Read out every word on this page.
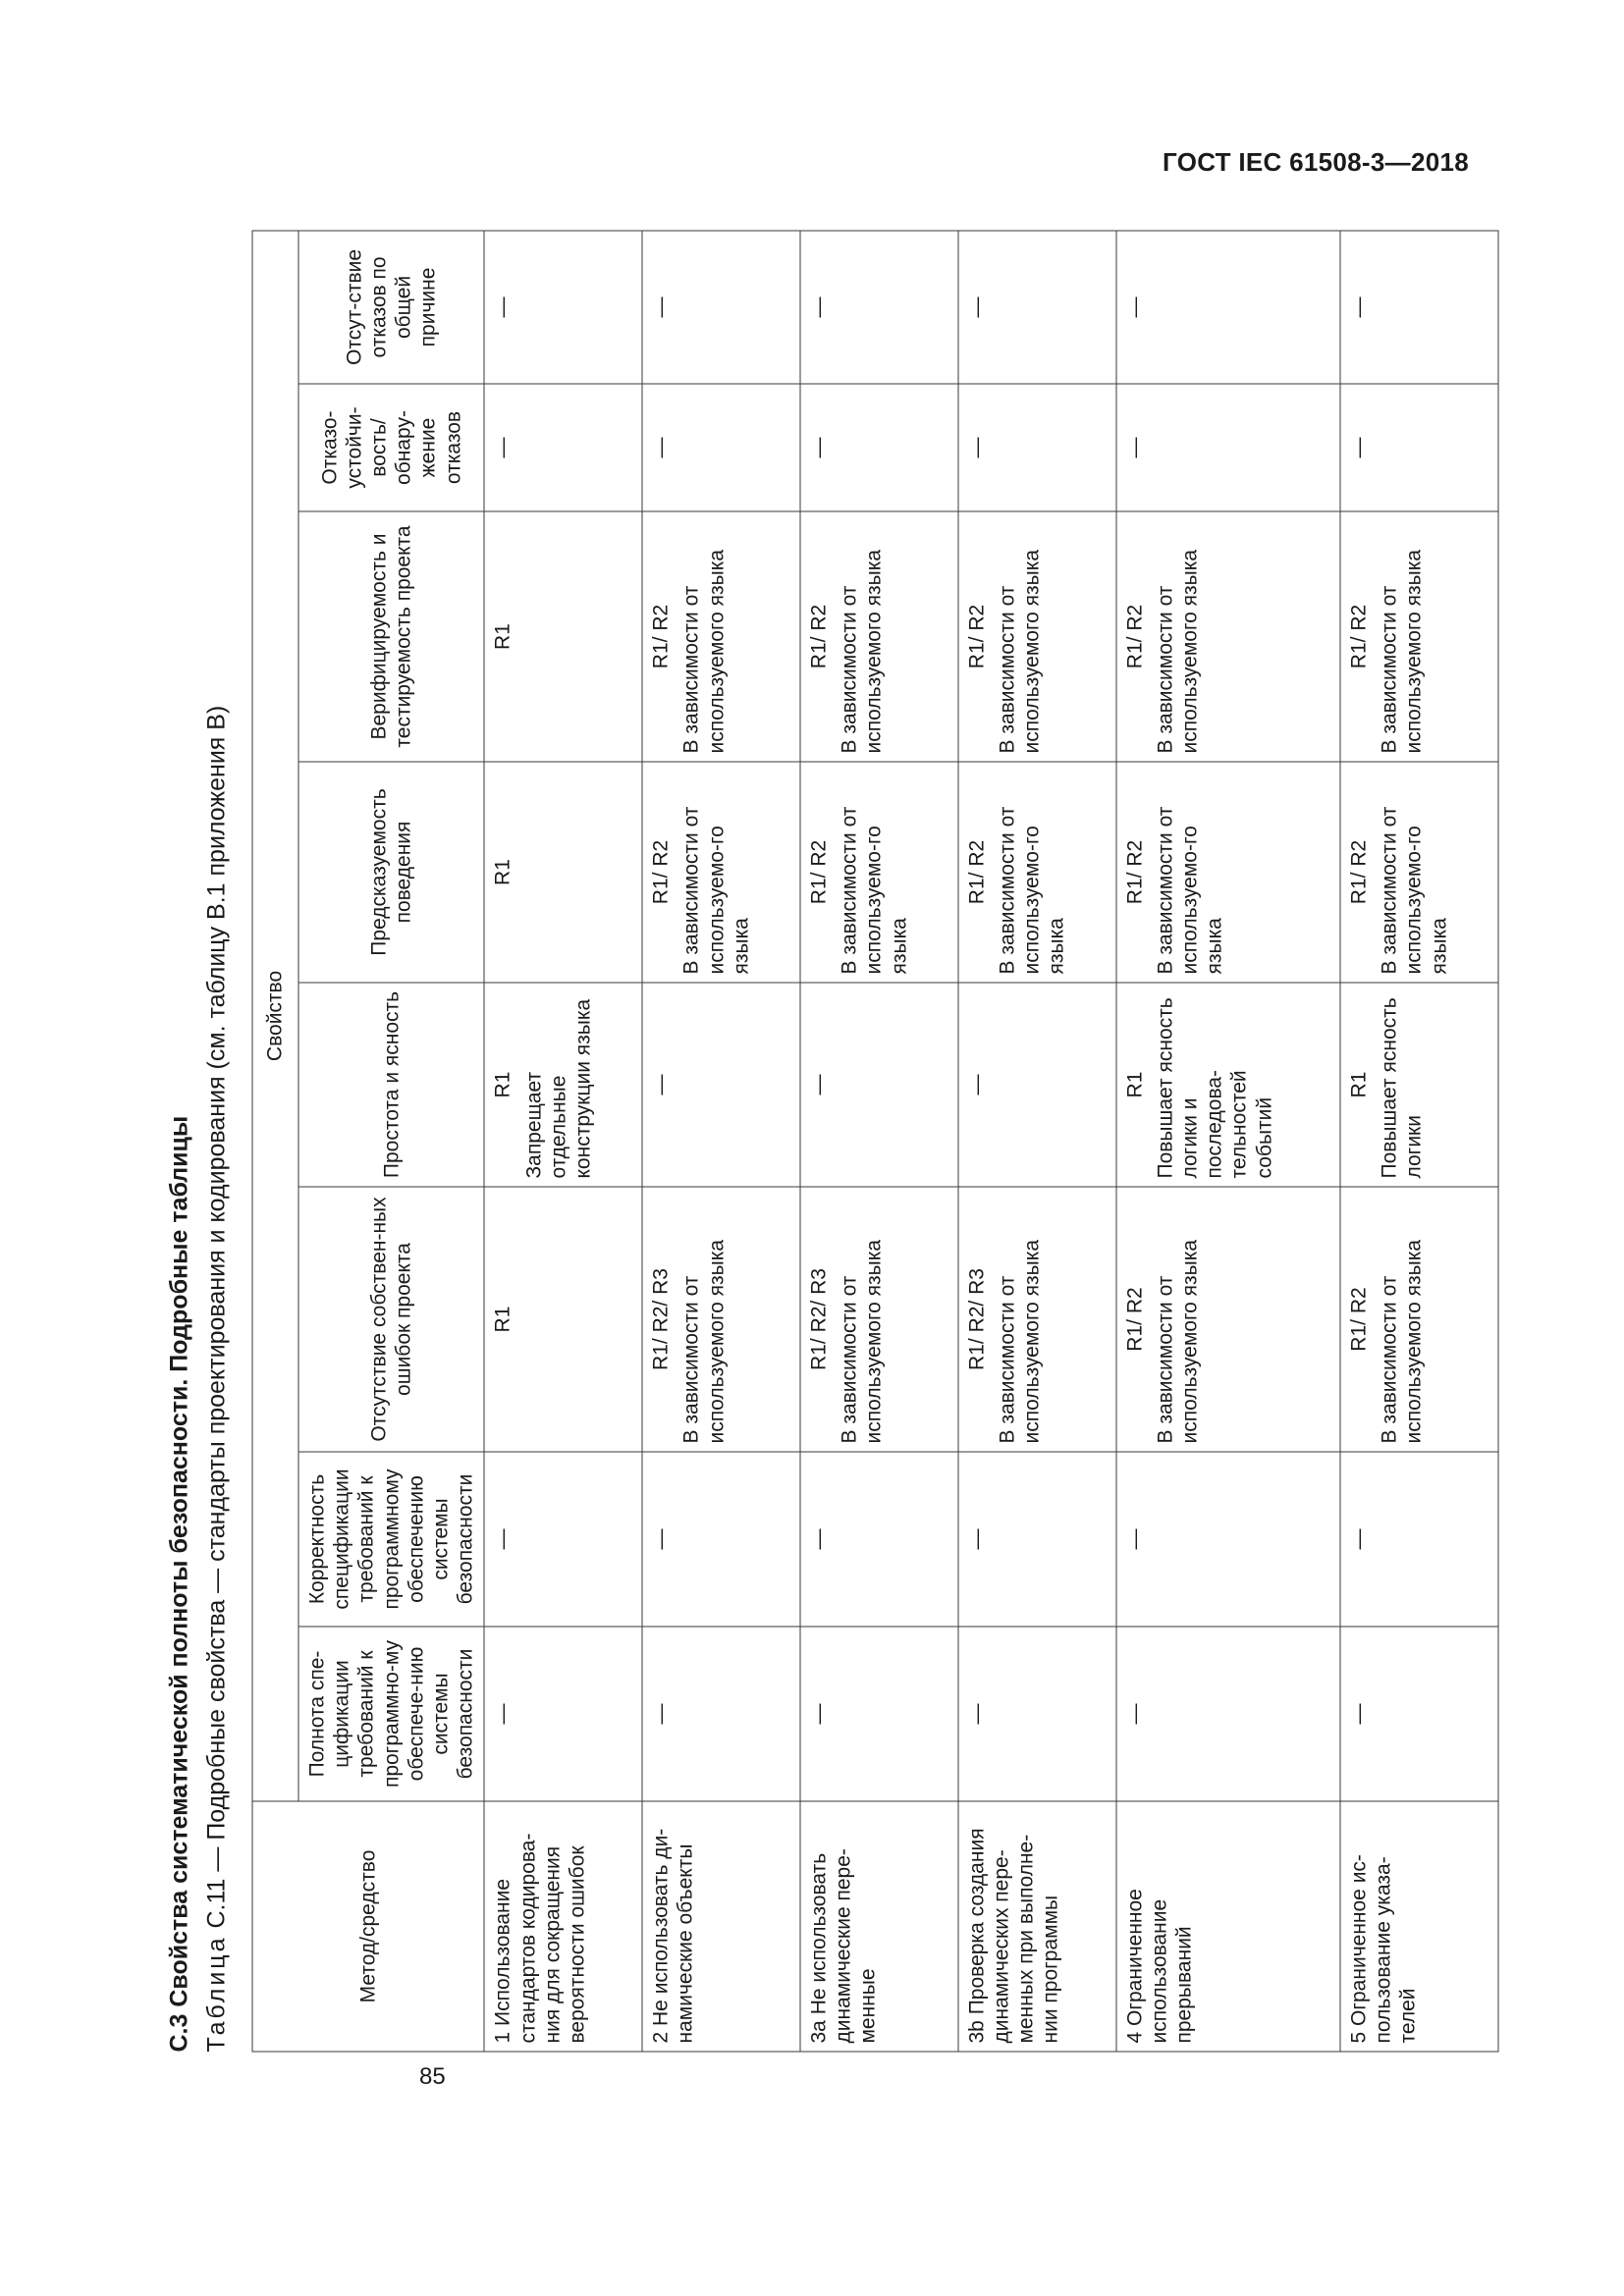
ГОСТ IEC 61508-3—2018
85
С.3 Свойства систематической полноты безопасности. Подробные таблицы Таблица С.11 — Подробные свойства — стандарты проектирования и кодирования (см. таблицу В.1 приложения В)
Метод/средство	Свойство							
	Полнота спе-цификации требований к программно-му обеспече-нию системы безопасности	Корректность спецификации требований к программному обеспечению системы безопасности	Отсутствие собствен-ных ошибок проекта	Простота и ясность	Предсказуемость поведения	Верифицируемость и тестируемость проекта	Отказо-устойчи-вость/ обнару-жение отказов	Отсут-ствие отказов по общей причине
1 Использование стандартов кодирова-ния для сокращения вероятности ошибок	—	—	R1	R1 Запрещает отдельные конструкции языка	R1	R1	—	—

2 Не использовать ди-намические объекты	—	—	R1/ R2/ R3 В зависимости от используемого языка	—	R1/ R2 В зависимости от используемо-го языка	R1/ R2 В зависимости от используемого языка	—	—

3а Не использовать динамические пере-менные	—	—	R1/ R2/ R3 В зависимости от используемого языка	—	R1/ R2 В зависимости от используемо-го языка	R1/ R2 В зависимости от используемого языка	—	—

3b Проверка создания динамических пере-менных при выполне-нии программы	—	—	R1/ R2/ R3 В зависимости от используемого языка	—	R1/ R2 В зависимости от используемо-го языка	R1/ R2 В зависимости от используемого языка	—	—

4 Ограниченное использование прерываний	—	—	R1/ R2 В зависимости от используемого языка	R1 Повышает ясность логики и последова-тельностей событий	R1/ R2 В зависимости от используемо-го языка	R1/ R2 В зависимости от используемого языка	—	—

5 Ограниченное ис-пользование указа-телей	—	—	R1/ R2 В зависимости от используемого языка	R1 Повышает ясность логики	R1/ R2 В зависимости от используемо-го языка	R1/ R2 В зависимости от используемого языка	—	—
